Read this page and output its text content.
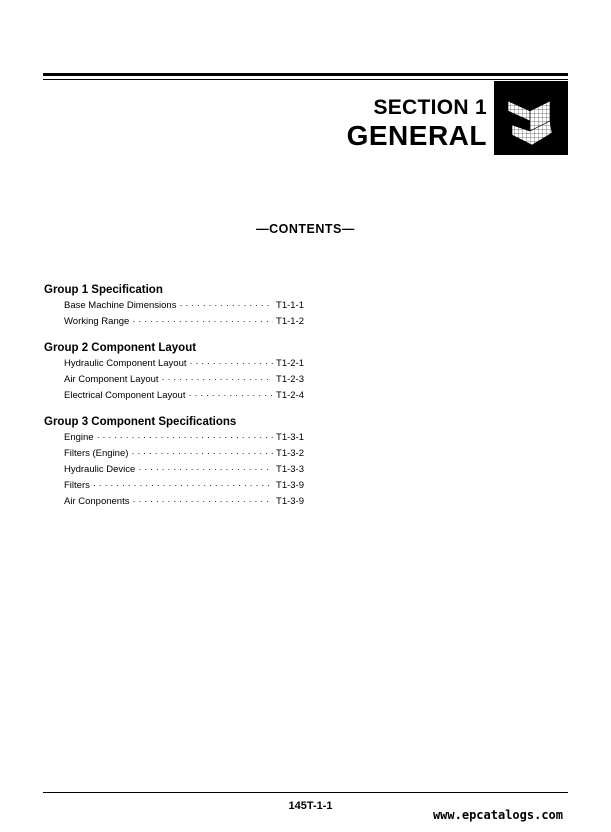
SECTION 1
GENERAL
—CONTENTS—
Group 1 Specification
Base Machine Dimensions · · ·	T1-1-1
Working Range · · ·	T1-1-2
Group 2 Component Layout
Hydraulic Component Layout · · ·	T1-2-1
Air Component Layout · · ·	T1-2-3
Electrical Component Layout · · ·	T1-2-4
Group 3 Component Specifications
Engine · · ·	T1-3-1
Filters (Engine) · · ·	T1-3-2
Hydraulic Device · · ·	T1-3-3
Filters · · ·	T1-3-9
Air Conponents · · ·	T1-3-9
145T-1-1
www.epcatalogs.com
